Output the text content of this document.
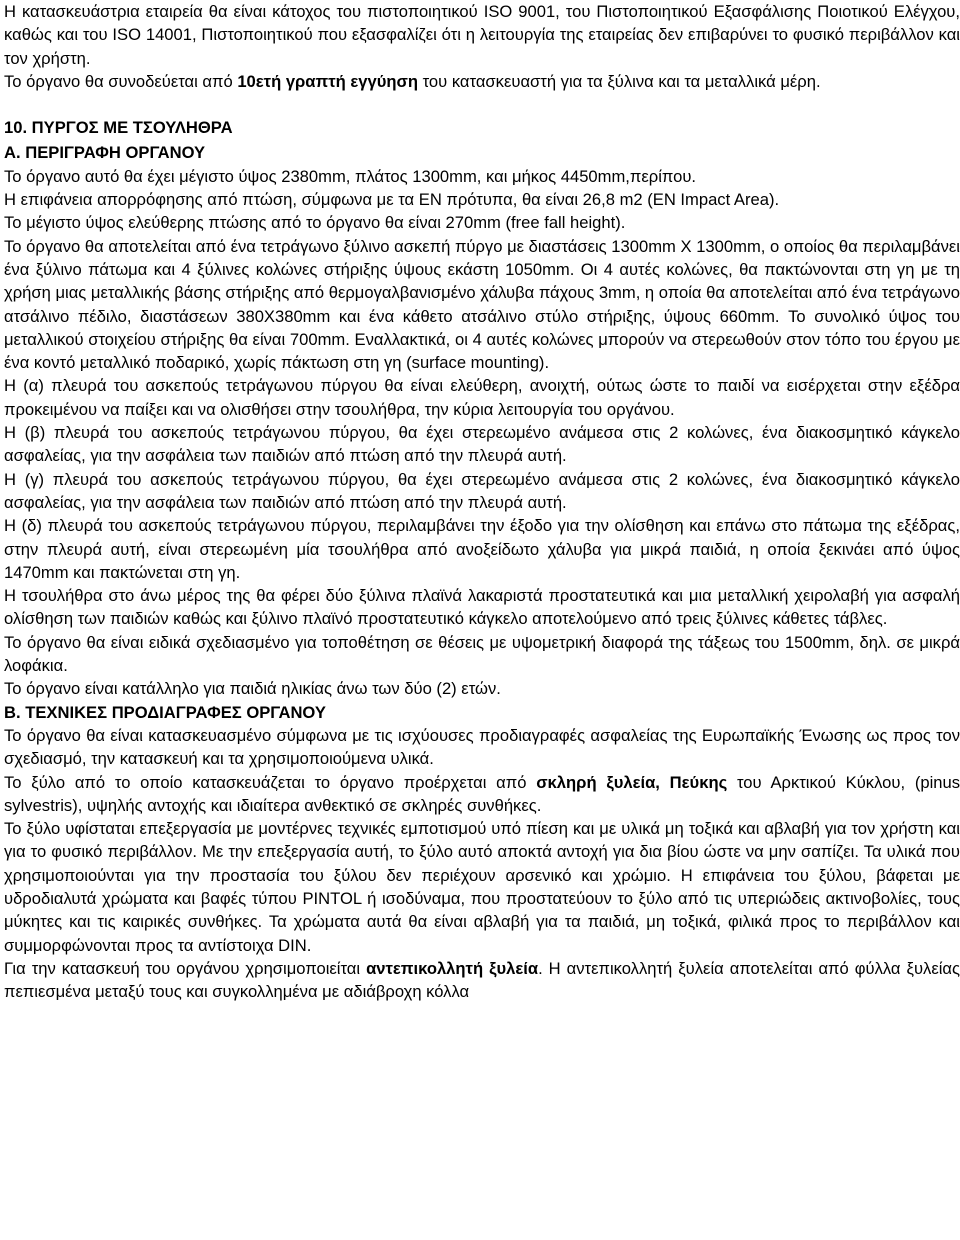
Η κατασκευάστρια εταιρεία θα είναι κάτοχος του πιστοποιητικού ISO 9001, του Πιστοποιητικού Εξασφάλισης Ποιοτικού Ελέγχου, καθώς και του ISO 14001, Πιστοποιητικού που εξασφαλίζει ότι η λειτουργία της εταιρείας δεν επιβαρύνει το φυσικό περιβάλλον και τον χρήστη.

Το όργανο θα συνοδεύεται από 10ετή γραπτή εγγύηση του κατασκευαστή για τα ξύλινα και τα μεταλλικά μέρη.

10. ΠΥΡΓΟΣ ΜΕ ΤΣΟΥΛΗΘΡΑ

Α. ΠΕΡΙΓΡΑΦΗ ΟΡΓΑΝΟΥ

Το όργανο αυτό θα έχει μέγιστο ύψος 2380mm, πλάτος 1300mm, και μήκος 4450mm,περίπου.

Η επιφάνεια απορρόφησης από πτώση, σύμφωνα με τα EN πρότυπα, θα είναι 26,8 m2 (EN Impact Area).

Το μέγιστο ύψος ελεύθερης πτώσης από το όργανο θα είναι 270mm (free fall height).

Το όργανο θα αποτελείται από ένα τετράγωνο ξύλινο ασκεπή πύργο με διαστάσεις 1300mm X 1300mm, ο οποίος θα περιλαμβάνει ένα ξύλινο πάτωμα και 4 ξύλινες κολώνες στήριξης ύψους εκάστη 1050mm. Οι 4 αυτές κολώνες, θα πακτώνονται στη γη με τη χρήση μιας μεταλλικής βάσης στήριξης από θερμογαλβανισμένο χάλυβα πάχους 3mm, η οποία θα αποτελείται από ένα τετράγωνο ατσάλινο πέδιλο, διαστάσεων 380Χ380mm και ένα κάθετο ατσάλινο στύλο στήριξης, ύψους 660mm. Το συνολικό ύψος του μεταλλικού στοιχείου στήριξης θα είναι 700mm. Εναλλακτικά, οι 4 αυτές κολώνες μπορούν να στερεωθούν στον τόπο του έργου με ένα κοντό μεταλλικό ποδαρικό, χωρίς πάκτωση στη γη (surface mounting).

Η (α) πλευρά του ασκεπούς τετράγωνου πύργου θα είναι ελεύθερη, ανοιχτή, ούτως ώστε το παιδί να εισέρχεται στην εξέδρα προκειμένου να παίξει και να ολισθήσει στην τσουλήθρα, την κύρια λειτουργία του οργάνου.

Η (β) πλευρά του ασκεπούς τετράγωνου πύργου, θα έχει στερεωμένο ανάμεσα στις 2 κολώνες, ένα διακοσμητικό κάγκελο ασφαλείας, για την ασφάλεια των παιδιών από πτώση από την πλευρά αυτή.

Η (γ) πλευρά του ασκεπούς τετράγωνου πύργου, θα έχει στερεωμένο ανάμεσα στις 2 κολώνες, ένα διακοσμητικό κάγκελο ασφαλείας, για την ασφάλεια των παιδιών από πτώση από την πλευρά αυτή.

Η (δ) πλευρά του ασκεπούς τετράγωνου πύργου, περιλαμβάνει την έξοδο για την ολίσθηση και επάνω στο πάτωμα της εξέδρας, στην πλευρά αυτή, είναι στερεωμένη μία τσουλήθρα από ανοξείδωτο χάλυβα για μικρά παιδιά, η οποία ξεκινάει από ύψος 1470mm και πακτώνεται στη γη.

Η τσουλήθρα στο άνω μέρος της θα φέρει δύο ξύλινα πλαϊνά λακαριστά προστατευτικά και μια μεταλλική χειρολαβή για ασφαλή ολίσθηση των παιδιών καθώς και ξύλινο πλαϊνό προστατευτικό κάγκελο αποτελούμενο από τρεις ξύλινες κάθετες τάβλες.

Το όργανο θα είναι ειδικά σχεδιασμένο για τοποθέτηση σε θέσεις με υψομετρική διαφορά της τάξεως του 1500mm, δηλ. σε μικρά λοφάκια.

Το όργανο είναι κατάλληλο για παιδιά ηλικίας άνω των δύο (2) ετών.

Β. ΤΕΧΝΙΚΕΣ ΠΡΟΔΙΑΓΡΑΦΕΣ ΟΡΓΑΝΟΥ

Το όργανο θα είναι κατασκευασμένο σύμφωνα με τις ισχύουσες προδιαγραφές ασφαλείας της Ευρωπαϊκής Ένωσης ως προς τον σχεδιασμό, την κατασκευή και τα χρησιμοποιούμενα υλικά.

Το ξύλο από το οποίο κατασκευάζεται το όργανο προέρχεται από σκληρή ξυλεία, Πεύκης του Αρκτικού Κύκλου, (pinus sylvestris), υψηλής αντοχής και ιδιαίτερα ανθεκτικό σε σκληρές συνθήκες.

Το ξύλο υφίσταται επεξεργασία με μοντέρνες τεχνικές εμποτισμού υπό πίεση και με υλικά μη τοξικά και αβλαβή για τον χρήστη και για το φυσικό περιβάλλον. Με την επεξεργασία αυτή, το ξύλο αυτό αποκτά αντοχή για δια βίου ώστε να μην σαπίζει. Τα υλικά που χρησιμοποιούνται για την προστασία του ξύλου δεν περιέχουν αρσενικό και χρώμιο. Η επιφάνεια του ξύλου, βάφεται με υδροδιαλυτά χρώματα και βαφές τύπου PINTOL ή ισοδύναμα, που προστατεύουν το ξύλο από τις υπεριώδεις ακτινοβολίες, τους μύκητες και τις καιρικές συνθήκες. Τα χρώματα αυτά θα είναι αβλαβή για τα παιδιά, μη τοξικά, φιλικά προς το περιβάλλον και συμμορφώνονται προς τα αντίστοιχα DIN.

Για την κατασκευή του οργάνου χρησιμοποιείται αντεπικολλητή ξυλεία. Η αντεπικολλητή ξυλεία αποτελείται από φύλλα ξυλείας πεπιεσμένα μεταξύ τους και συγκολλημένα με αδιάβροχη κόλλα
